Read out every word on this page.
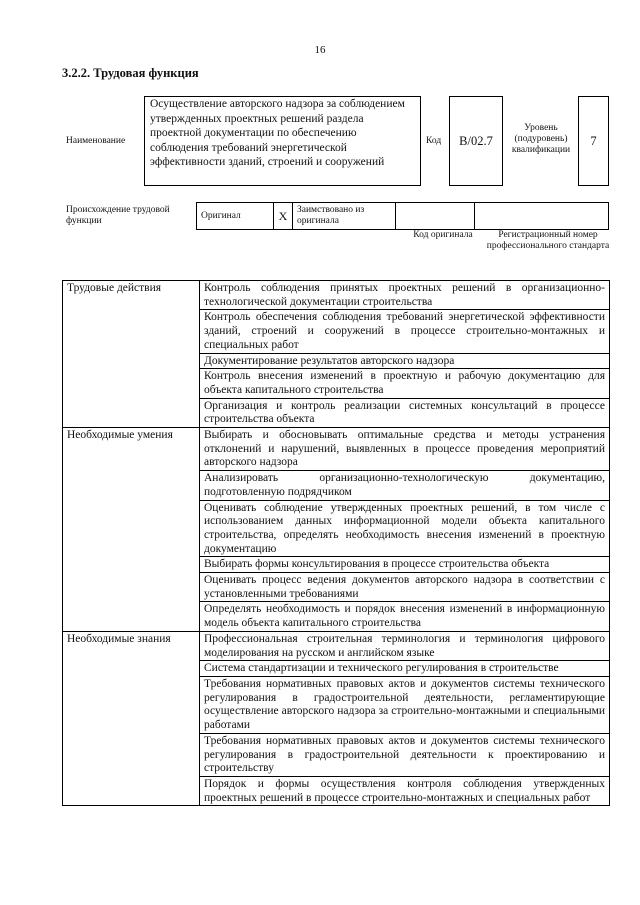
16
3.2.2. Трудовая функция
Наименование
Осуществление авторского надзора за соблюдением утвержденных проектных решений раздела проектной документации по обеспечению соблюдения требований энергетической эффективности зданий, строений и сооружений
Код В/02.7
Уровень (подуровень) квалификации
7
Происхождение трудовой функции
Оригинал	Х	Заимствовано из оригинала		
Код оригинала	Регистрационный номер профессионального стандарта
Трудовые действия	Контроль соблюдения принятых проектных решений в организационно-технологической документации строительства
	Контроль обеспечения соблюдения требований энергетической эффективности зданий, строений и сооружений в процессе строительно-монтажных и специальных работ
	Документирование результатов авторского надзора
	Контроль внесения изменений в проектную и рабочую документацию для объекта капитального строительства
	Организация и контроль реализации системных консультаций в процессе строительства объекта
Необходимые умения	Выбирать и обосновывать оптимальные средства и методы устранения отклонений и нарушений, выявленных в процессе проведения мероприятий авторского надзора
	Анализировать организационно-технологическую документацию, подготовленную подрядчиком
	Оценивать соблюдение утвержденных проектных решений, в том числе с использованием данных информационной модели объекта капитального строительства, определять необходимость внесения изменений в проектную документацию
	Выбирать формы консультирования в процессе строительства объекта
	Оценивать процесс ведения документов авторского надзора в соответствии с установленными требованиями
	Определять необходимость и порядок внесения изменений в информационную модель объекта капитального строительства
Необходимые знания	Профессиональная строительная терминология и терминология цифрового моделирования на русском и английском языке
	Система стандартизации и технического регулирования в строительстве
	Требования нормативных правовых актов и документов системы технического регулирования в градостроительной деятельности, регламентирующие осуществление авторского надзора за строительно-монтажными и специальными работами
	Требования нормативных правовых актов и документов системы технического регулирования в градостроительной деятельности к проектированию и строительству
	Порядок и формы осуществления контроля соблюдения утвержденных проектных решений в процессе строительно-монтажных и специальных работ
